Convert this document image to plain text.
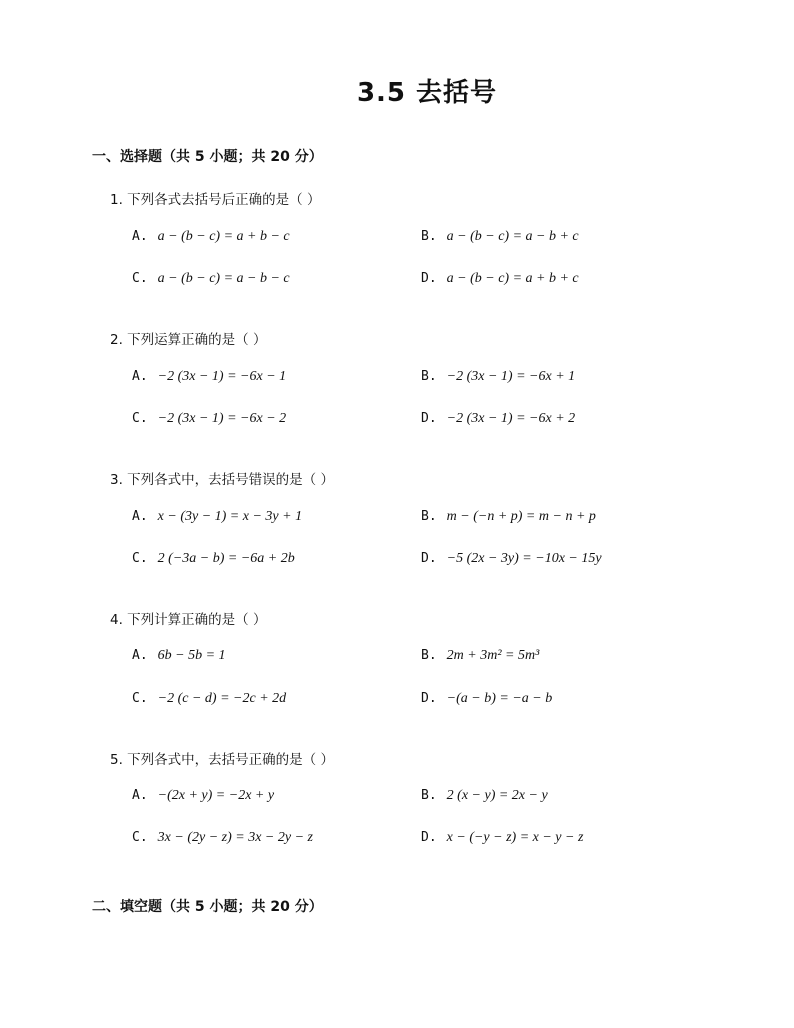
3.5 去括号
一、选择题（共 5 小题；共 20 分）
1. 下列各式去括号后正确的是（ ）
A. a − (b − c) = a + b − c	B. a − (b − c) = a − b + c
C. a − (b − c) = a − b − c	D. a − (b − c) = a + b + c
2. 下列运算正确的是（ ）
A. −2 (3x − 1) = −6x − 1	B. −2 (3x − 1) = −6x + 1
C. −2 (3x − 1) = −6x − 2	D. −2 (3x − 1) = −6x + 2
3. 下列各式中，去括号错误的是（ ）
A. x − (3y − 1) = x − 3y + 1	B. m − (−n + p) = m − n + p
C. 2 (−3a − b) = −6a + 2b	D. −5 (2x − 3y) = −10x − 15y
4. 下列计算正确的是（ ）
A. 6b − 5b = 1	B. 2m + 3m² = 5m³
C. −2 (c − d) = −2c + 2d	D. −(a − b) = −a − b
5. 下列各式中，去括号正确的是（ ）
A. −(2x + y) = −2x + y	B. 2 (x − y) = 2x − y
C. 3x − (2y − z) = 3x − 2y − z	D. x − (−y − z) = x − y − z
二、填空题（共 5 小题；共 20 分）
